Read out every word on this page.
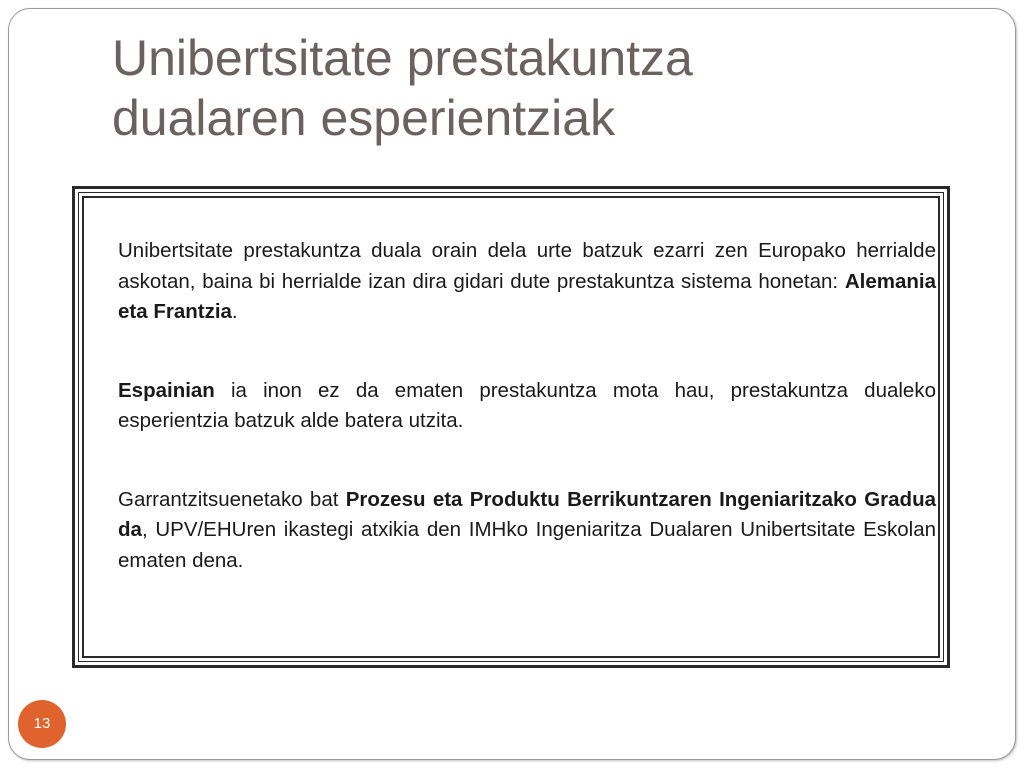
Unibertsitate prestakuntza
dualaren esperientziak

Unibertsitate prestakuntza duala orain dela urte batzuk ezarri zen Europako herrialde askotan, baina bi herrialde izan dira gidari dute prestakuntza sistema honetan: Alemania eta Frantzia.

Espainian ia inon ez da ematen prestakuntza mota hau, prestakuntza dualeko esperientzia batzuk alde batera utzita.

Garrantzitsuenetako bat Prozesu eta Produktu Berrikuntzaren Ingeniaritzako Gradua da, UPV/EHUren ikastegi atxikia den IMHko Ingeniaritza Dualaren Unibertsitate Eskolan ematen dena.

13
